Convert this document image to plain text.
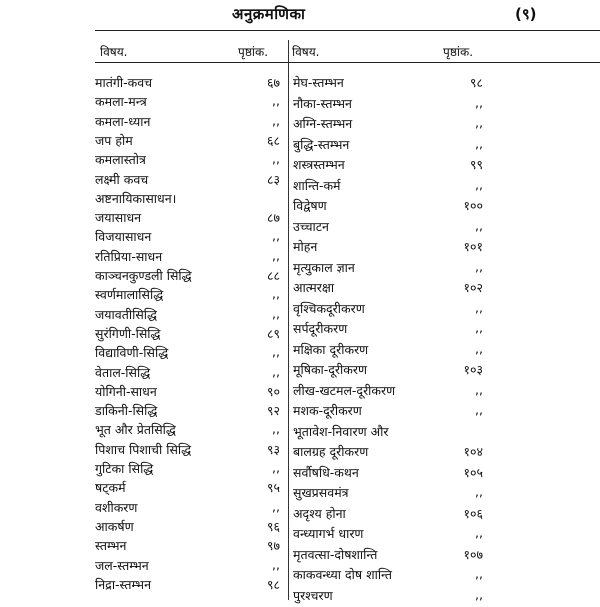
अनुक्रमणिका	(९)
विषय.	पृष्ठांक. विषय.	पृष्ठांक.
मातंगी-कवच	६७
कमला-मन्त्र	,,
कमला-ध्यान	,,
जप होम	६८
कमलास्तोत्र	,,
लक्ष्मी कवच	८३
अष्टनायिकासाधन।
जयासाधन	८७
विजयासाधन	,,
रतिप्रिया-साधन	,,
काञ्चनकुण्डली सिद्धि	८८
स्वर्णमालासिद्धि	,,
जयावतीसिद्धि	,,
सुरंगिणी-सिद्धि	८९
विद्याविणी-सिद्धि	,,
वेताल-सिद्धि	,,
योगिनी-साधन	९०
डाकिनी-सिद्धि	९२
भूत और प्रेतसिद्धि	,,
पिशाच पिशाची सिद्धि	९३
गुटिका सिद्धि	,,
षट्कर्म	९५
वशीकरण	,,
आकर्षण	९६
स्तम्भन	९७
जल-स्तम्भन	,,
निद्रा-स्तम्भन	९८
मेघ-स्तम्भन	९८
नौका-स्तम्भन	,,
अग्नि-स्तम्भन	,,
बुद्धि-स्तम्भन	,,
शस्त्रस्तम्भन	९९
शान्ति-कर्म	,,
विद्वेषण	१००
उच्चाटन	,,
मोहन	१०१
मृत्युकाल ज्ञान	,,
आत्मरक्षा	१०२
वृश्चिकदूरीकरण	,,
सर्पदूरीकरण	,,
मक्षिका दूरीकरण	,,
मूषिका-दूरीकरण	१०३
लीख-खटमल-दूरीकरण	,,
मशक-दूरीकरण	,,
भूतावेश-निवारण और
बालग्रह दूरीकरण	१०४
सर्वौषधि-कथन	१०५
सुखप्रसवमंत्र	,,
अदृश्य होना	१०६
वन्ध्यागर्भ धारण	,,
मृतवत्सा-दोषशान्ति	१०७
काकवन्ध्या दोष शान्ति	,,
पुरश्चरण	,,
